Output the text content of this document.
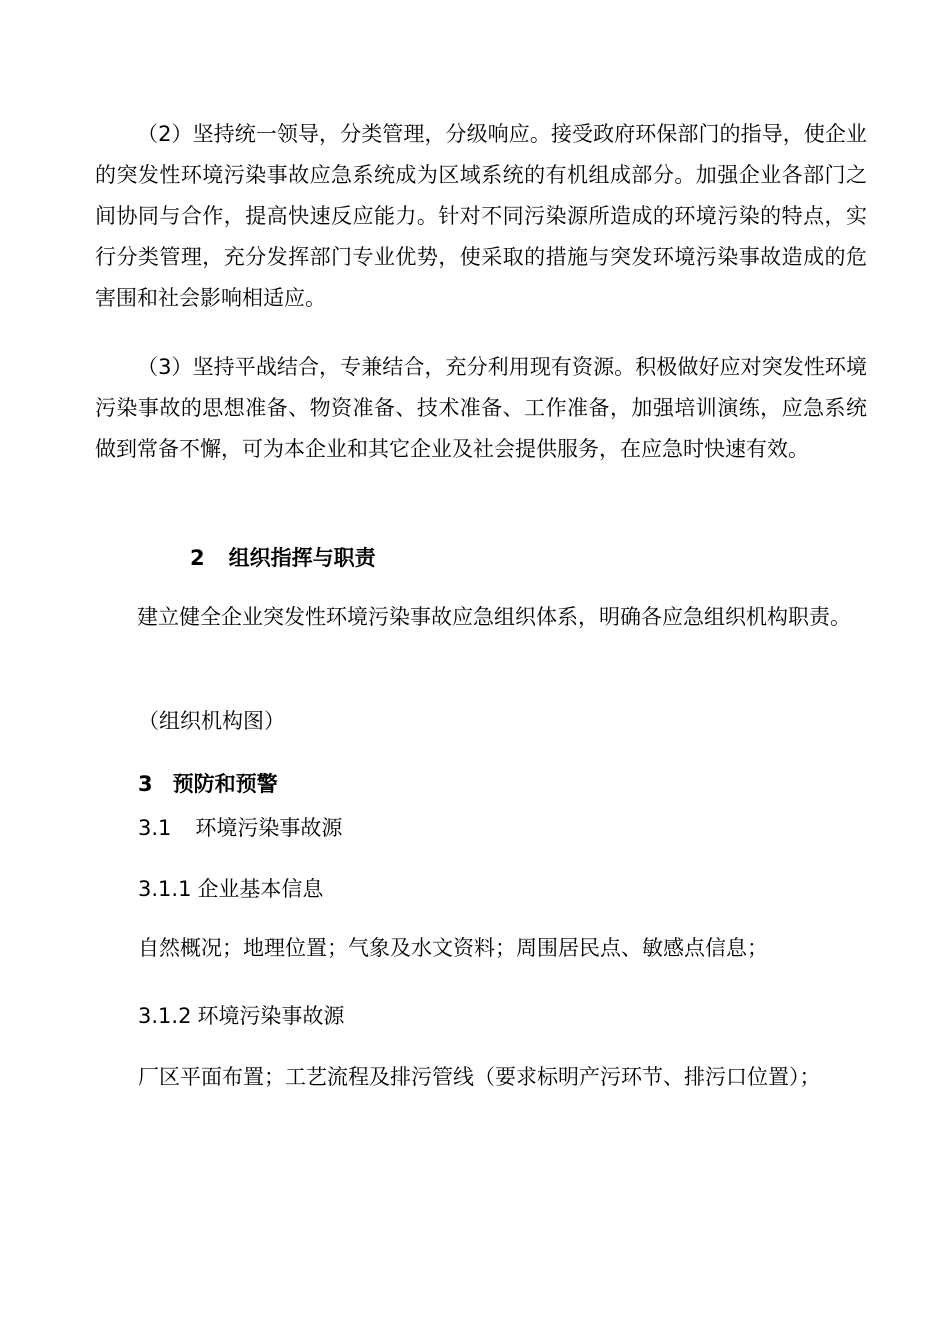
（2）坚持统一领导，分类管理，分级响应。接受政府环保部门的指导，使企业的突发性环境污染事故应急系统成为区域系统的有机组成部分。加强企业各部门之间协同与合作，提高快速反应能力。针对不同污染源所造成的环境污染的特点，实行分类管理，充分发挥部门专业优势，使采取的措施与突发环境污染事故造成的危害围和社会影响相适应。

（3）坚持平战结合，专兼结合，充分利用现有资源。积极做好应对突发性环境污染事故的思想准备、物资准备、技术准备、工作准备，加强培训演练，应急系统做到常备不懈，可为本企业和其它企业及社会提供服务，在应急时快速有效。

2 组织指挥与职责

建立健全企业突发性环境污染事故应急组织体系，明确各应急组织机构职责。

（组织机构图）
3 预防和预警
3.1 环境污染事故源
3.1.1 企业基本信息
自然概况；地理位置；气象及水文资料；周围居民点、敏感点信息；
3.1.2 环境污染事故源

厂区平面布置；工艺流程及排污管线（要求标明产污环节、排污口位置）；
